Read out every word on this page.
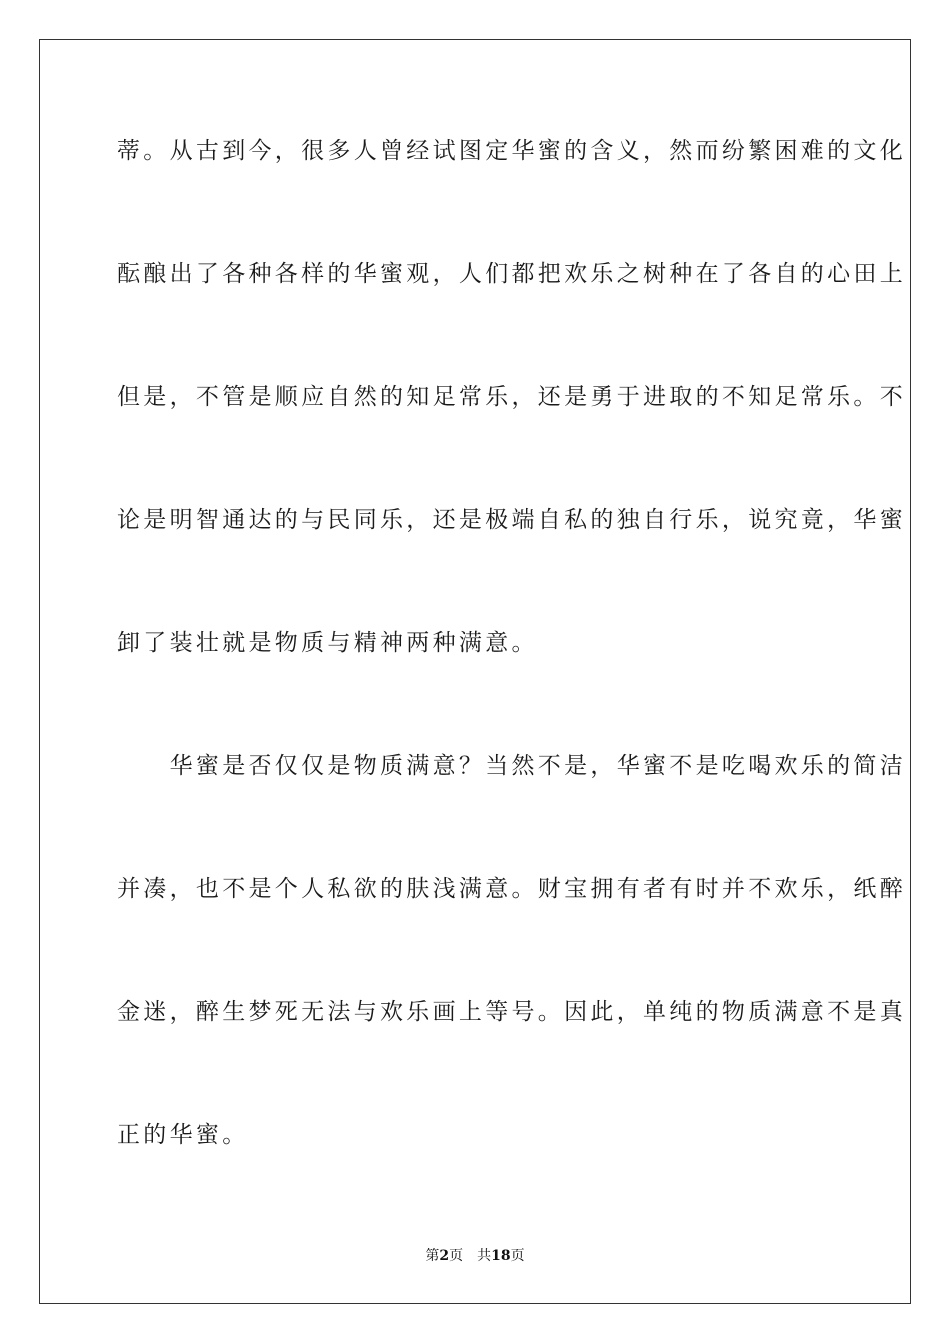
蒂。从古到今，很多人曾经试图定华蜜的含义，然而纷繁困难的文化
酝酿出了各种各样的华蜜观，人们都把欢乐之树种在了各自的心田上
但是，不管是顺应自然的知足常乐，还是勇于进取的不知足常乐。不
论是明智通达的与民同乐，还是极端自私的独自行乐，说究竟，华蜜
卸了装壮就是物质与精神两种满意。
　　华蜜是否仅仅是物质满意？当然不是，华蜜不是吃喝欢乐的简洁
并凑，也不是个人私欲的肤浅满意。财宝拥有者有时并不欢乐，纸醉
金迷，醉生梦死无法与欢乐画上等号。因此，单纯的物质满意不是真
正的华蜜。
第2页 共18页
